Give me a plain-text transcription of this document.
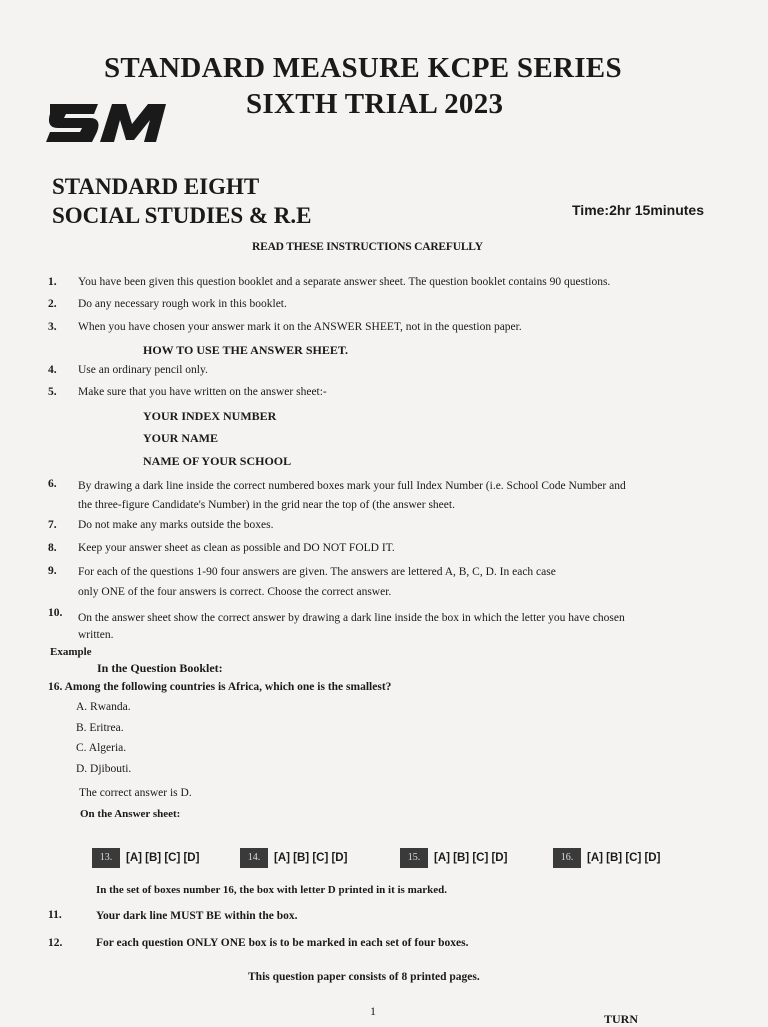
STANDARD MEASURE KCPE SERIES
SIXTH TRIAL 2023
STANDARD EIGHT
SOCIAL STUDIES & R.E	Time:2hr 15minutes
READ THESE INSTRUCTIONS CAREFULLY
1. You have been given this question booklet and a separate answer sheet. The question booklet contains 90 questions.
2. Do any necessary rough work in this booklet.
3. When you have chosen your answer mark it on the ANSWER SHEET, not in the question paper.
HOW TO USE THE ANSWER SHEET.
4. Use an ordinary pencil only.
5. Make sure that you have written on the answer sheet:-
YOUR INDEX NUMBER
YOUR NAME
NAME OF YOUR SCHOOL
6. By drawing a dark line inside the correct numbered boxes mark your full Index Number (i.e. School Code Number and
the three-figure Candidate's Number) in the grid near the top of (the answer sheet.
7. Do not make any marks outside the boxes.
8. Keep your answer sheet as clean as possible and DO NOT FOLD IT.
9. For each of the questions 1-90 four answers are given. The answers are lettered A, B, C, D. In each case
only ONE of the four answers is correct. Choose the correct answer.
10. On the answer sheet show the correct answer by drawing a dark line inside the box in which the letter you have chosen
written.
Example
In the Question Booklet:
16. Among the following countries is Africa, which one is the smallest?
A. Rwanda.
B. Eritrea.
C. Algeria.
D. Djibouti.
The correct answer is D.
On the Answer sheet:
13. [A] [B] [C] [D]	14. [A] [B] [C] [D]	15. [A] [B] [C] [D]	16. [A] [B] [C] [D]
In the set of boxes number 16, the box with letter D printed in it is marked.
11.	Your dark line MUST BE within the box.
12.	For each question ONLY ONE box is to be marked in each set of four boxes.
This question paper consists of 8 printed pages.
1
TURN
